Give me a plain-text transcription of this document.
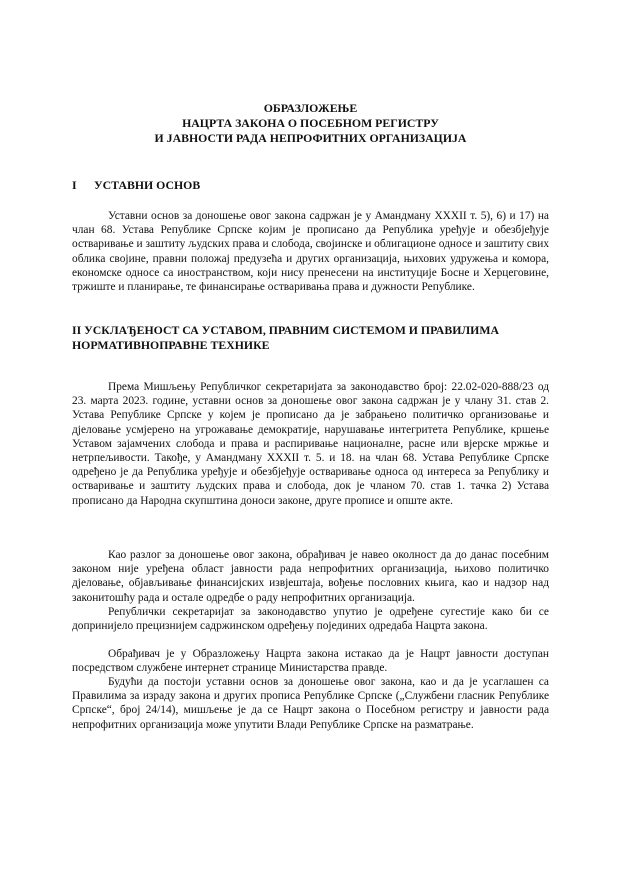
ОБРАЗЛОЖЕЊЕ
НАЦРТА ЗАКОНА О ПОСЕБНОМ РЕГИСТРУ
И ЈАВНОСТИ РАДА НЕПРОФИТНИХ ОРГАНИЗАЦИЈА
I УСТАВНИ ОСНОВ

Уставни основ за доношење овог закона садржан је у Амандману XXXII т. 5), 6) и 17) на члан 68. Устава Републике Српске којим је прописано да Република уређује и обезбјеђује остваривање и заштиту људских права и слобода, својинске и облигационе односе и заштиту свих облика својине, правни положај предузећа и других организација, њихових удружења и комора, економске односе са иностранством, који нису пренесени на институције Босне и Херцеговине, тржиште и планирање, те финансирање остваривања права и дужности Републике.

II УСКЛАЂЕНОСТ СА УСТАВОМ, ПРАВНИМ СИСТЕМОМ И ПРАВИЛИМА НОРМАТИВНОПРАВНЕ ТЕХНИКЕ

Према Мишљењу Републичког секретаријата за законодавство број: 22.02-020-888/23 од 23. марта 2023. године, уставни основ за доношење овог закона садржан је у члану 31. став 2. Устава Републике Српске у којем је прописано да је забрањено политичко организовање и дјеловање усмјерено на угрожавање демократије, нарушавање интегритета Републике, кршење Уставом зајамчених слобода и права и распиривање националне, расне или вјерске мржње и нетрпељивости. Такође, у Амандману XXXII т. 5. и 18. на члан 68. Устава Републике Српске одређено је да Република уређује и обезбјеђује остваривање односа од интереса за Републику и остваривање и заштиту људских права и слобода, док је чланом 70. став 1. тачка 2) Устава прописано да Народна скупштина доноси законе, друге прописе и опште акте.

Као разлог за доношење овог закона, обрађивач је навео околност да до данас посебним законом није уређена област јавности рада непрофитних организација, њихово политичко дјеловање, објављивање финансијских извјештаја, вођење пословних књига, као и надзор над законитошћу рада и остале одредбе о раду непрофитних организација.

Републички секретаријат за законодавство упутио је одређене сугестије како би се допринијело прецизнијем садржинском одређењу појединих одредаба Нацрта закона.

Обрађивач је у Образложењу Нацрта закона истакао да је Нацрт јавности доступан посредством службене интернет странице Министарства правде.

Будући да постоји уставни основ за доношење овог закона, као и да је усаглашен са Правилима за израду закона и других прописа Републике Српске („Службени гласник Републике Српске“, број 24/14), мишљење је да се Нацрт закона о Посебном регистру и јавности рада непрофитних организација може упутити Влади Републике Српске на разматрање.
